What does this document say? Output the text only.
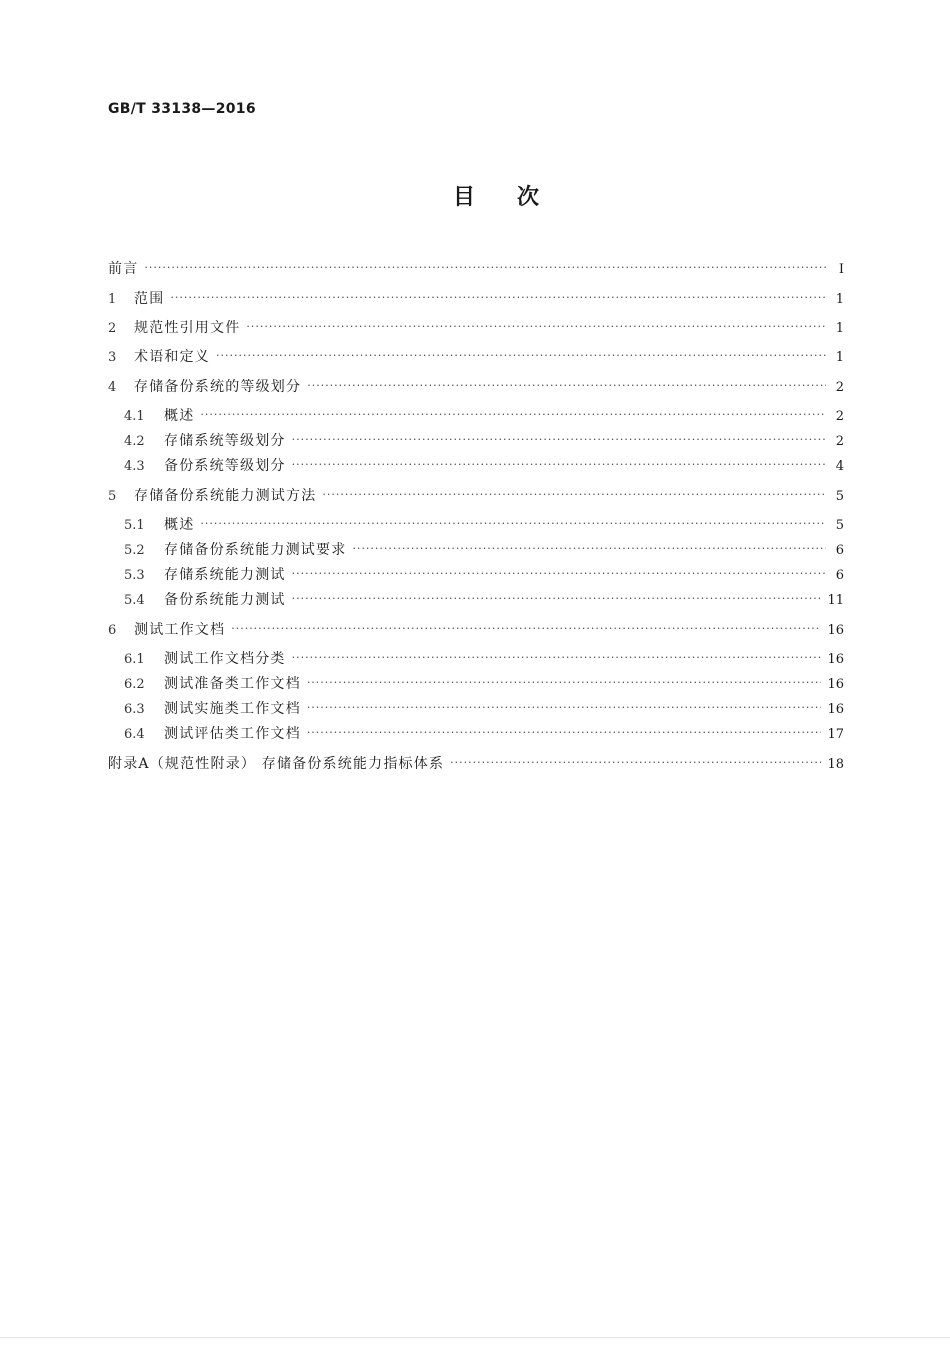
GB/T 33138—2016
目次
前言 ·····	Ⅰ
1	范围 ·····	1
2	规范性引用文件 ·····	1
3	术语和定义 ·····	1
4	存储备份系统的等级划分 ·····	2
4.1	概述 ·····	2
4.2	存储系统等级划分 ·····	2
4.3	备份系统等级划分 ·····	4
5	存储备份系统能力测试方法 ·····	5
5.1	概述 ·····	5
5.2	存储备份系统能力测试要求 ·····	6
5.3	存储系统能力测试 ·····	6
5.4	备份系统能力测试 ·····	11
6	测试工作文档 ·····	16
6.1	测试工作文档分类 ·····	16
6.2	测试准备类工作文档 ·····	16
6.3	测试实施类工作文档 ·····	16
6.4	测试评估类工作文档 ·····	17
附录A（规范性附录） 存储备份系统能力指标体系 ·····	18
